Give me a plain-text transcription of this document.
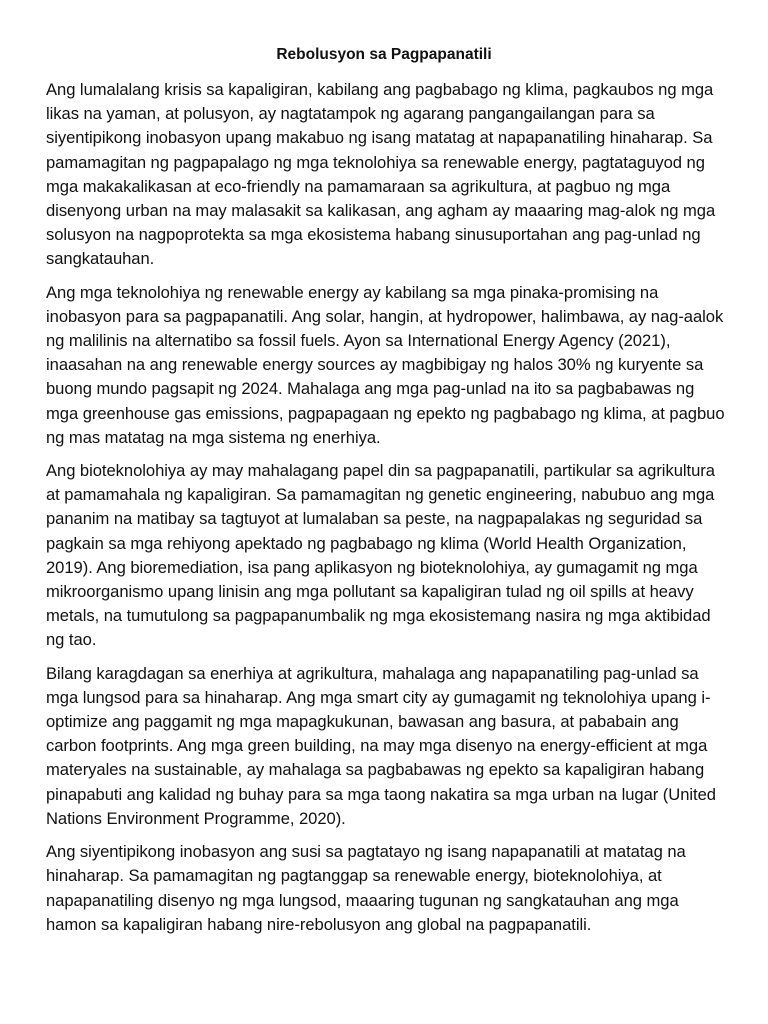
Rebolusyon sa Pagpapanatili

Ang lumalalang krisis sa kapaligiran, kabilang ang pagbabago ng klima, pagkaubos ng mga likas na yaman, at polusyon, ay nagtatampok ng agarang pangangailangan para sa siyentipikong inobasyon upang makabuo ng isang matatag at napapanatiling hinaharap. Sa pamamagitan ng pagpapalago ng mga teknolohiya sa renewable energy, pagtataguyod ng mga makakalikasan at eco-friendly na pamamaraan sa agrikultura, at pagbuo ng mga disenyong urban na may malasakit sa kalikasan, ang agham ay maaaring mag-alok ng mga solusyon na nagpoprotekta sa mga ekosistema habang sinusuportahan ang pag-unlad ng sangkatauhan.

Ang mga teknolohiya ng renewable energy ay kabilang sa mga pinaka-promising na inobasyon para sa pagpapanatili. Ang solar, hangin, at hydropower, halimbawa, ay nag-aalok ng malilinis na alternatibo sa fossil fuels. Ayon sa International Energy Agency (2021), inaasahan na ang renewable energy sources ay magbibigay ng halos 30% ng kuryente sa buong mundo pagsapit ng 2024. Mahalaga ang mga pag-unlad na ito sa pagbabawas ng mga greenhouse gas emissions, pagpapagaan ng epekto ng pagbabago ng klima, at pagbuo ng mas matatag na mga sistema ng enerhiya.

Ang bioteknolohiya ay may mahalagang papel din sa pagpapanatili, partikular sa agrikultura at pamamahala ng kapaligiran. Sa pamamagitan ng genetic engineering, nabubuo ang mga pananim na matibay sa tagtuyot at lumalaban sa peste, na nagpapalakas ng seguridad sa pagkain sa mga rehiyong apektado ng pagbabago ng klima (World Health Organization, 2019). Ang bioremediation, isa pang aplikasyon ng bioteknolohiya, ay gumagamit ng mga mikroorganismo upang linisin ang mga pollutant sa kapaligiran tulad ng oil spills at heavy metals, na tumutulong sa pagpapanumbalik ng mga ekosistemang nasira ng mga aktibidad ng tao.

Bilang karagdagan sa enerhiya at agrikultura, mahalaga ang napapanatiling pag-unlad sa mga lungsod para sa hinaharap. Ang mga smart city ay gumagamit ng teknolohiya upang i-optimize ang paggamit ng mga mapagkukunan, bawasan ang basura, at pababain ang carbon footprints. Ang mga green building, na may mga disenyo na energy-efficient at mga materyales na sustainable, ay mahalaga sa pagbabawas ng epekto sa kapaligiran habang pinapabuti ang kalidad ng buhay para sa mga taong nakatira sa mga urban na lugar (United Nations Environment Programme, 2020).

Ang siyentipikong inobasyon ang susi sa pagtatayo ng isang napapanatili at matatag na hinaharap. Sa pamamagitan ng pagtanggap sa renewable energy, bioteknolohiya, at napapanatiling disenyo ng mga lungsod, maaaring tugunan ng sangkatauhan ang mga hamon sa kapaligiran habang nire-rebolusyon ang global na pagpapanatili.
